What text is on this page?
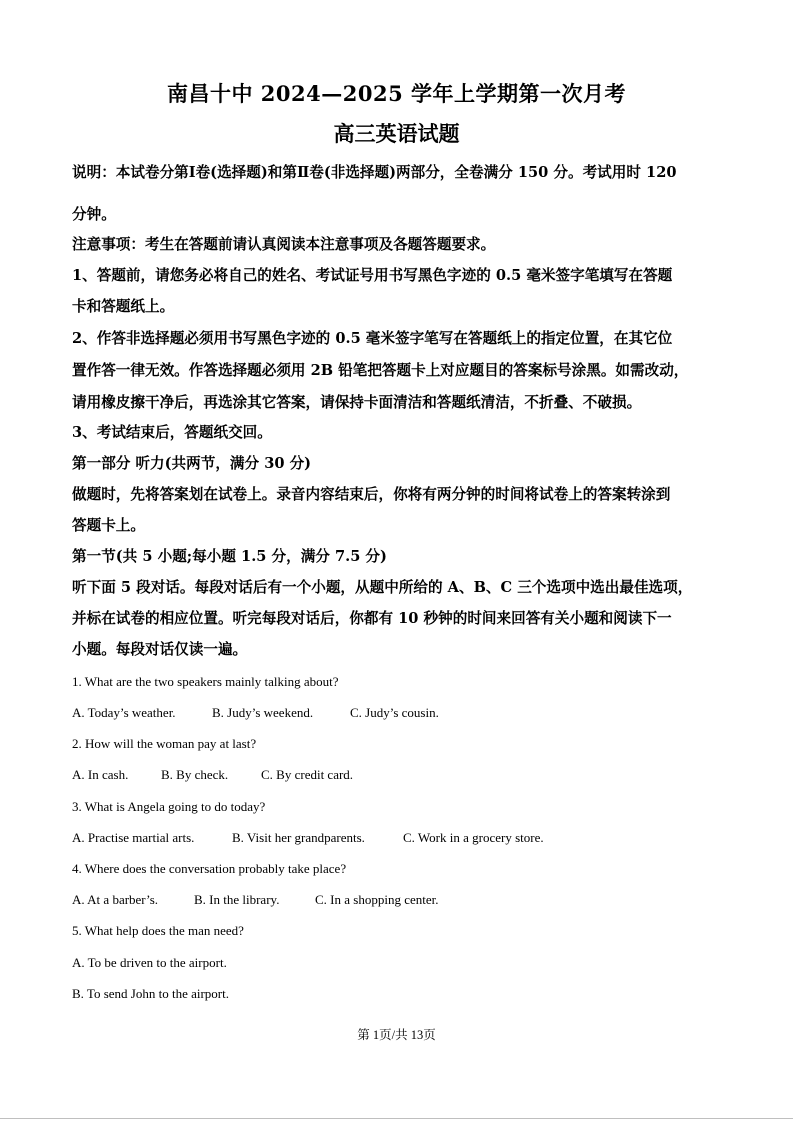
南昌十中 2024—2025 学年上学期第一次月考
高三英语试题
说明：本试卷分第Ⅰ卷(选择题)和第Ⅱ卷(非选择题)两部分，全卷满分 150 分。考试用时 120
分钟。
注意事项：考生在答题前请认真阅读本注意事项及各题答题要求。
1、答题前，请您务必将自己的姓名、考试证号用书写黑色字迹的 0.5 毫米签字笔填写在答题
卡和答题纸上。
2、作答非选择题必须用书写黑色字迹的 0.5 毫米签字笔写在答题纸上的指定位置，在其它位
置作答一律无效。作答选择题必须用 2B 铅笔把答题卡上对应题目的答案标号涂黑。如需改动，
请用橡皮擦干净后，再选涂其它答案，请保持卡面清洁和答题纸清洁，不折叠、不破损。
3、考试结束后，答题纸交回。
第一部分 听力(共两节，满分 30 分)
做题时，先将答案划在试卷上。录音内容结束后，你将有两分钟的时间将试卷上的答案转涂到
答题卡上。
第一节(共 5 小题;每小题 1.5 分，满分 7.5 分)
听下面 5 段对话。每段对话后有一个小题，从题中所给的 A、B、C 三个选项中选出最佳选项，
并标在试卷的相应位置。听完每段对话后，你都有 10 秒钟的时间来回答有关小题和阅读下一
小题。每段对话仅读一遍。
1. What are the two speakers mainly talking about?
A. Today’s weather.	B. Judy’s weekend.	C. Judy’s cousin.
2. How will the woman pay at last?
A. In cash.	B. By check.	C. By credit card.
3. What is Angela going to do today?
A. Practise martial arts.	B. Visit her grandparents.	C. Work in a grocery store.
4. Where does the conversation probably take place?
A. At a barber’s.	B. In the library.	C. In a shopping center.
5. What help does the man need?
A. To be driven to the airport.
B. To send John to the airport.
第 1页/共 13页
